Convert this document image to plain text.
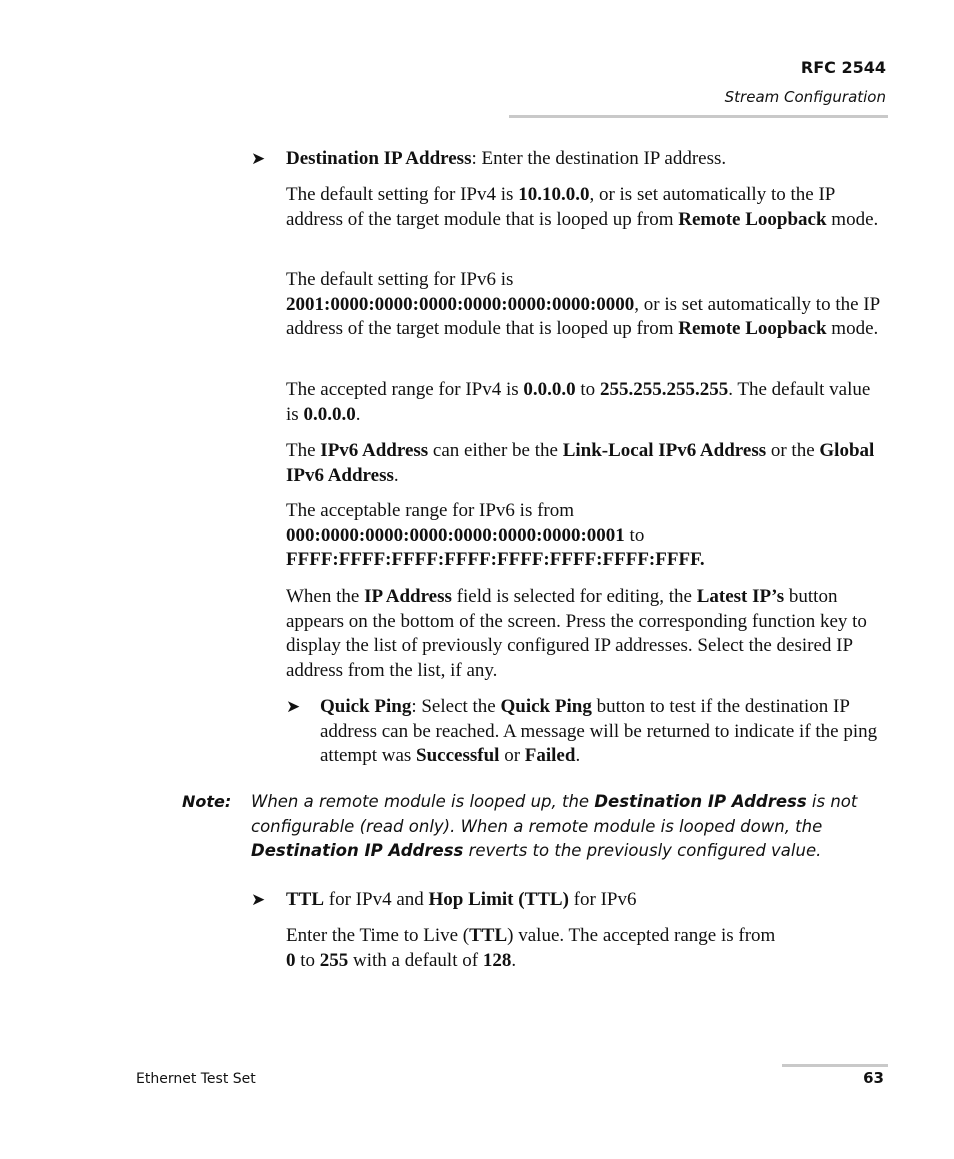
RFC 2544
Stream Configuration
➤ Destination IP Address: Enter the destination IP address.

The default setting for IPv4 is 10.10.0.0, or is set automatically to the IP address of the target module that is looped up from Remote Loopback mode.

The default setting for IPv6 is
2001:0000:0000:0000:0000:0000:0000:0000, or is set automatically to the IP address of the target module that is looped up from Remote Loopback mode.

The accepted range for IPv4 is 0.0.0.0 to 255.255.255.255. The default value is 0.0.0.0.

The IPv6 Address can either be the Link-Local IPv6 Address or the Global IPv6 Address.

The acceptable range for IPv6 is from
000:0000:0000:0000:0000:0000:0000:0001 to
FFFF:FFFF:FFFF:FFFF:FFFF:FFFF:FFFF:FFFF.

When the IP Address field is selected for editing, the Latest IP’s button appears on the bottom of the screen. Press the corresponding function key to display the list of previously configured IP addresses. Select the desired IP address from the list, if any.

➤ Quick Ping: Select the Quick Ping button to test if the destination IP address can be reached. A message will be returned to indicate if the ping attempt was Successful or Failed.

Note: When a remote module is looped up, the Destination IP Address is not configurable (read only). When a remote module is looped down, the Destination IP Address reverts to the previously configured value.
➤ TTL for IPv4 and Hop Limit (TTL) for IPv6

Enter the Time to Live (TTL) value. The accepted range is from
0 to 255 with a default of 128.

Ethernet Test Set	63
